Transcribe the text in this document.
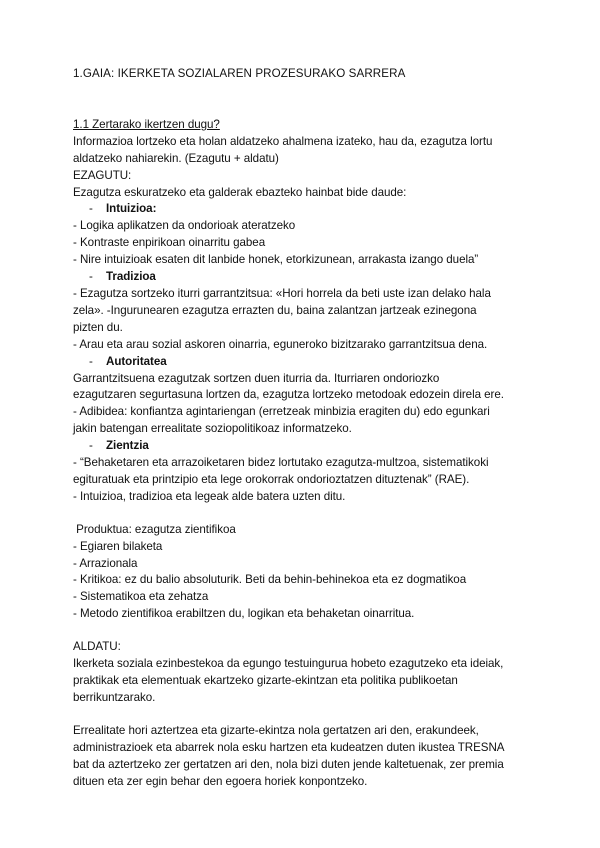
1.GAIA: IKERKETA SOZIALAREN PROZESURAKO SARRERA
1.1 Zertarako ikertzen dugu?
Informazioa lortzeko eta holan aldatzeko ahalmena izateko, hau da, ezagutza lortu
aldatzeko nahiarekin. (Ezagutu + aldatu)
EZAGUTU:
Ezagutza eskuratzeko eta galderak ebazteko hainbat bide daude:
- Intuizioa:
- Logika aplikatzen da ondorioak ateratzeko
- Kontraste enpirikoan oinarritu gabea
- Nire intuizioak esaten dit lanbide honek, etorkizunean, arrakasta izango duela”
- Tradizioa
- Ezagutza sortzeko iturri garrantzitsua: «Hori horrela da beti uste izan delako hala
zela». -Ingurunearen ezagutza errazten du, baina zalantzan jartzeak ezinegona
pizten du.
- Arau eta arau sozial askoren oinarria, eguneroko bizitzarako garrantzitsua dena.
- Autoritatea
Garrantzitsuena ezagutzak sortzen duen iturria da. Iturriaren ondoriozko
ezagutzaren segurtasuna lortzen da, ezagutza lortzeko metodoak edozein direla ere.
- Adibidea: konfiantza agintariengan (erretzeak minbizia eragiten du) edo egunkari
jakin batengan errealitate soziopolitikoaz informatzeko.
- Zientzia
- “Behaketaren eta arrazoiketaren bidez lortutako ezagutza-multzoa, sistematikoki
egituratuak eta printzipio eta lege orokorrak ondorioztatzen dituztenak” (RAE).
- Intuizioa, tradizioa eta legeak alde batera uzten ditu.
Produktua: ezagutza zientifikoa
- Egiaren bilaketa
- Arrazionala
- Kritikoa: ez du balio absoluturik. Beti da behin-behinekoa eta ez dogmatikoa
- Sistematikoa eta zehatza
- Metodo zientifikoa erabiltzen du, logikan eta behaketan oinarritua.
ALDATU:
Ikerketa soziala ezinbestekoa da egungo testuingurua hobeto ezagutzeko eta ideiak,
praktikak eta elementuak ekartzeko gizarte-ekintzan eta politika publikoetan
berrikuntzarako.
Errealitate hori aztertzea eta gizarte-ekintza nola gertatzen ari den, erakundeek,
administrazioek eta abarrek nola esku hartzen eta kudeatzen duten ikustea TRESNA
bat da aztertzeko zer gertatzen ari den, nola bizi duten jende kaltetuenak, zer premia
dituen eta zer egin behar den egoera horiek konpontzeko.
